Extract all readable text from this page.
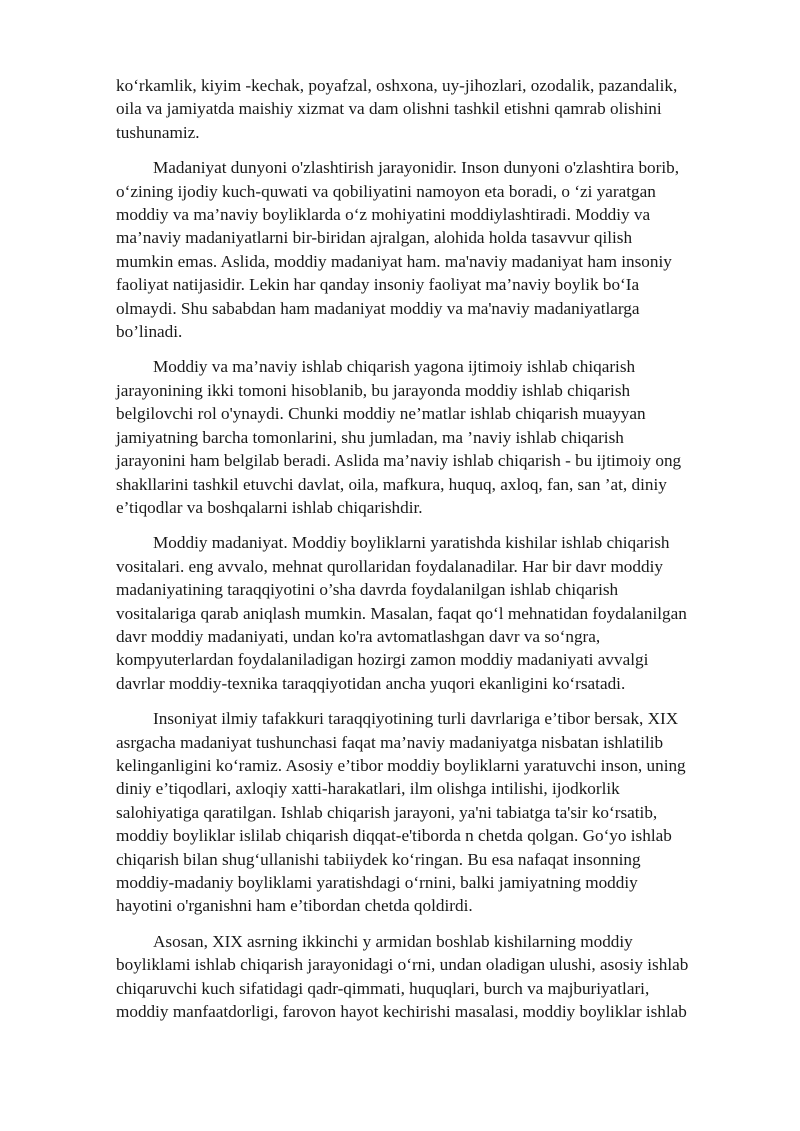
ko‘rkamlik, kiyim -kechak, poyafzal, oshxona, uy-jihozlari, ozodalik, pazandalik,
oila va jamiyatda maishiy xizmat va dam olishni tashkil etishni qamrab olishini
tushunamiz.

Madaniyat dunyoni o'zlashtirish jarayonidir. Inson dunyoni o'zlashtira borib,
o‘zining ijodiy kuch-quwati va qobiliyatini namoyon eta boradi, o ‘zi yaratgan
moddiy va ma’naviy boyliklarda o‘z mohiyatini moddiylashtiradi. Moddiy va
ma’naviy madaniyatlarni bir-biridan ajralgan, alohida holda tasavvur qilish
mumkin emas. Aslida, moddiy madaniyat ham. ma'naviy madaniyat ham insoniy
faoliyat natijasidir. Lekin har qanday insoniy faoliyat ma’naviy boylik bo‘Ia
olmaydi. Shu sababdan ham madaniyat moddiy va ma'naviy madaniyatlarga
bo’linadi.

Moddiy va ma’naviy ishlab chiqarish yagona ijtimoiy ishlab chiqarish
jarayonining ikki tomoni hisoblanib, bu jarayonda moddiy ishlab chiqarish
belgilovchi rol o'ynaydi. Chunki moddiy ne’matlar ishlab chiqarish muayyan
jamiyatning barcha tomonlarini, shu jumladan, ma ’naviy ishlab chiqarish
jarayonini ham belgilab beradi. Aslida ma’naviy ishlab chiqarish - bu ijtimoiy ong
shakllarini tashkil etuvchi davlat, oila, mafkura, huquq, axloq, fan, san ’at, diniy
e’tiqodlar va boshqalarni ishlab chiqarishdir.

Moddiy madaniyat. Moddiy boyliklarni yaratishda kishilar ishlab chiqarish
vositalari. eng avvalo, mehnat qurollaridan foydalanadilar. Har bir davr moddiy
madaniyatining taraqqiyotini o’sha davrda foydalanilgan ishlab chiqarish
vositalariga qarab aniqlash mumkin. Masalan, faqat qo‘l mehnatidan foydalanilgan
davr moddiy madaniyati, undan ko'ra avtomatlashgan davr va so‘ngra,
kompyuterlardan foydalaniladigan hozirgi zamon moddiy madaniyati avvalgi
davrlar moddiy-texnika taraqqiyotidan ancha yuqori ekanligini ko‘rsatadi.

Insoniyat ilmiy tafakkuri taraqqiyotining turli davrlariga e’tibor bersak, XIX
asrgacha madaniyat tushunchasi faqat ma’naviy madaniyatga nisbatan ishlatilib
kelinganligini ko‘ramiz. Asosiy e’tibor moddiy boyliklarni yaratuvchi inson, uning
diniy e’tiqodlari, axloqiy xatti-harakatlari, ilm olishga intilishi, ijodkorlik
salohiyatiga qaratilgan. Ishlab chiqarish jarayoni, ya'ni tabiatga ta'sir ko‘rsatib,
moddiy boyliklar islilab chiqarish diqqat-e'tiborda n chetda qolgan. Go‘yo ishlab
chiqarish bilan shug‘ullanishi tabiiydek ko‘ringan. Bu esa nafaqat insonning
moddiy-madaniy boyliklami yaratishdagi o‘rnini, balki jamiyatning moddiy
hayotini o'rganishni ham e’tibordan chetda qoldirdi.

Asosan, XIX asrning ikkinchi y armidan boshlab kishilarning moddiy
boyliklami ishlab chiqarish jarayonidagi o‘rni, undan oladigan ulushi, asosiy ishlab
chiqaruvchi kuch sifatidagi qadr-qimmati, huquqlari, burch va majburiyatlari,
moddiy manfaatdorligi, farovon hayot kechirishi masalasi, moddiy boyliklar ishlab
